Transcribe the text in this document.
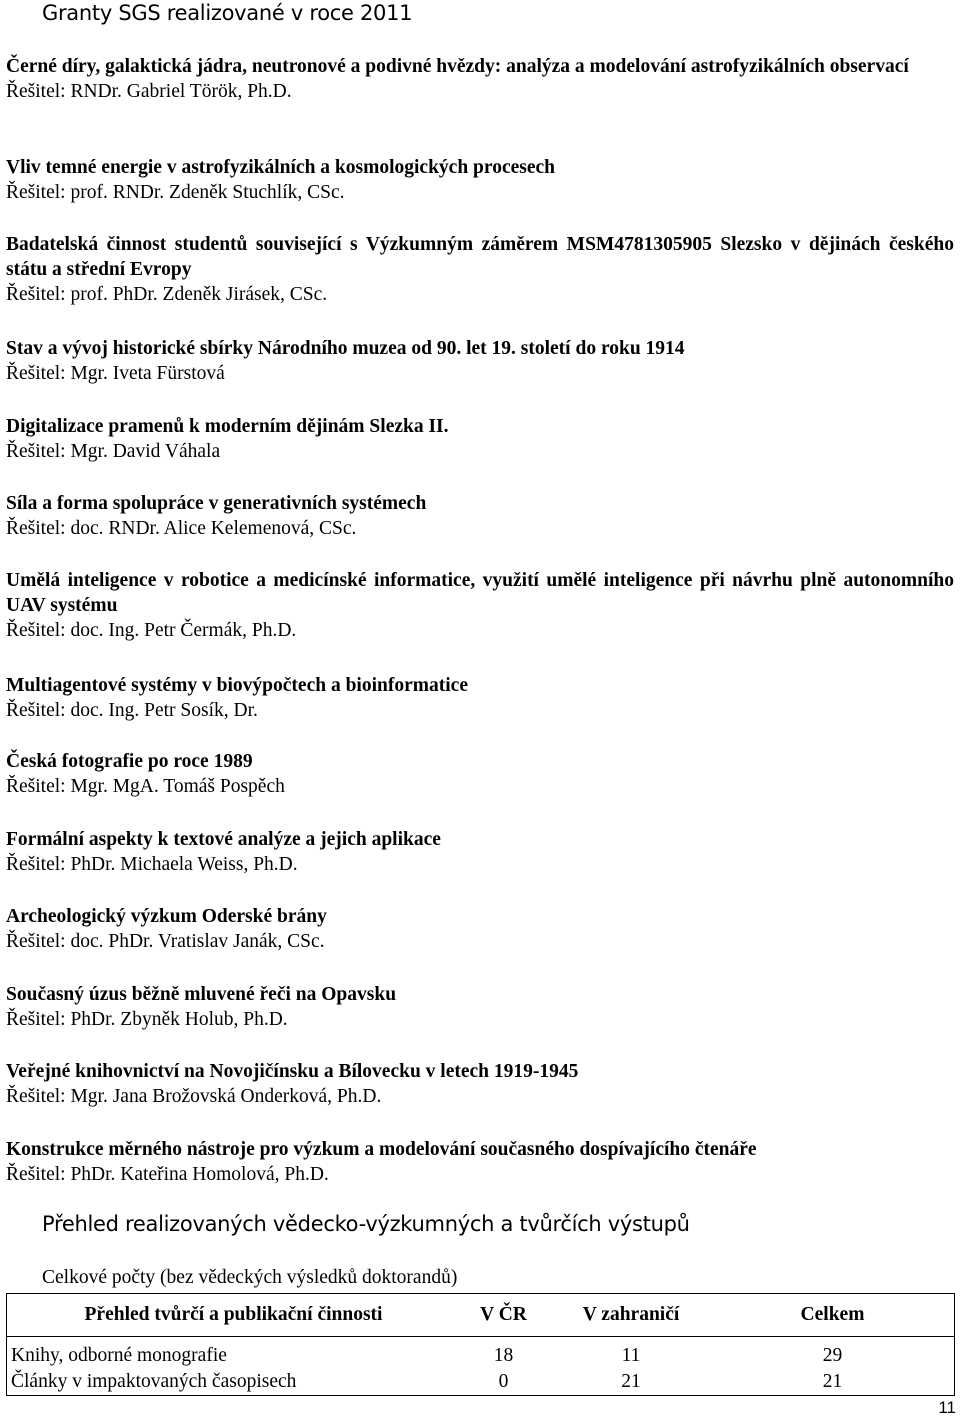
Granty SGS realizované v roce 2011
Černé díry, galaktická jádra, neutronové a podivné hvězdy: analýza a modelování astrofyzikálních observací
Řešitel: RNDr. Gabriel Török, Ph.D.
Vliv temné energie v astrofyzikálních a kosmologických procesech
Řešitel: prof. RNDr. Zdeněk Stuchlík, CSc.
Badatelská činnost studentů související s Výzkumným záměrem MSM4781305905 Slezsko v dějinách českého státu a střední Evropy
Řešitel: prof. PhDr. Zdeněk Jirásek, CSc.
Stav a vývoj historické sbírky Národního muzea od 90. let 19. století do roku 1914
Řešitel: Mgr. Iveta Fürstová
Digitalizace pramenů k moderním dějinám Slezka II.
Řešitel: Mgr. David Váhala
Síla a forma spolupráce v generativních systémech
Řešitel: doc. RNDr. Alice Kelemenová, CSc.
Umělá inteligence v robotice a medicínské informatice, využití umělé inteligence při návrhu plně autonomního UAV systému
Řešitel: doc. Ing. Petr Čermák, Ph.D.
Multiagentové systémy v biovýpočtech a bioinformatice
Řešitel: doc. Ing. Petr Sosík, Dr.
Česká fotografie po roce 1989
Řešitel: Mgr. MgA. Tomáš Pospěch
Formální aspekty k textové analýze a jejich aplikace
Řešitel: PhDr. Michaela Weiss, Ph.D.
Archeologický výzkum Oderské brány
Řešitel: doc. PhDr. Vratislav Janák, CSc.
Současný úzus běžně mluvené řeči na Opavsku
Řešitel: PhDr. Zbyněk Holub, Ph.D.
Veřejné knihovnictví na Novojičínsku a Bílovecku v letech 1919-1945
Řešitel: Mgr. Jana Brožovská Onderková, Ph.D.
Konstrukce měrného nástroje pro výzkum a modelování současného dospívajícího čtenáře
Řešitel: PhDr. Kateřina Homolová, Ph.D.
Přehled realizovaných vědecko-výzkumných a tvůrčích výstupů
Celkové počty (bez vědeckých výsledků doktorandů)
Přehled tvůrčí a publikační činnosti	V ČR	V zahraničí	Celkem
Knihy, odborné monografie	18	11	29
Články v impaktovaných časopisech	0	21	21
11
